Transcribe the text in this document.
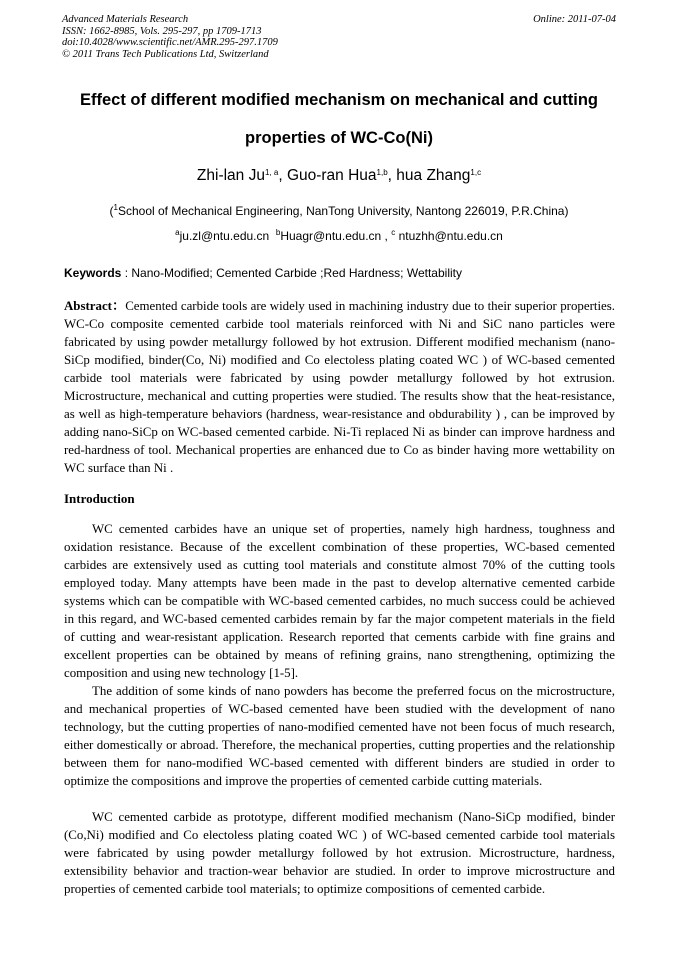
Advanced Materials Research
ISSN: 1662-8985, Vols. 295-297, pp 1709-1713
doi:10.4028/www.scientific.net/AMR.295-297.1709
© 2011 Trans Tech Publications Ltd, Switzerland
Online: 2011-07-04
Effect of different modified mechanism on mechanical and cutting
properties of WC-Co(Ni)
Zhi-lan Ju$^{1, a}$, Guo-ran Hua$^{1,b}$, hua Zhang$^{1,c}$
($^1$School of Mechanical Engineering, NanTong University, Nantong 226019, P.R.China)
$^a$ju.zl@ntu.edu.cn $^b$Huagr@ntu.edu.cn , $^c$ ntuzhh@ntu.edu.cn
Keywords : Nano-Modified; Cemented Carbide ;Red Hardness; Wettability
Abstract：Cemented carbide tools are widely used in machining industry due to their superior properties. WC-Co composite cemented carbide tool materials reinforced with Ni and SiC nano particles were fabricated by using powder metallurgy followed by hot extrusion. Different modified mechanism (nano-SiCp modified, binder(Co, Ni) modified and Co electoless plating coated WC ) of WC-based cemented carbide tool materials were fabricated by using powder metallurgy followed by hot extrusion. Microstructure, mechanical and cutting properties were studied. The results show that the heat-resistance, as well as high-temperature behaviors (hardness, wear-resistance and obdurability ) , can be improved by adding nano-SiCp on WC-based cemented carbide. Ni-Ti replaced Ni as binder can improve hardness and red-hardness of tool. Mechanical properties are enhanced due to Co as binder having more wettability on WC surface than Ni .
Introduction
WC cemented carbides have an unique set of properties, namely high hardness, toughness and oxidation resistance. Because of the excellent combination of these properties, WC-based cemented carbides are extensively used as cutting tool materials and constitute almost 70% of the cutting tools employed today. Many attempts have been made in the past to develop alternative cemented carbide systems which can be compatible with WC-based cemented carbides, no much success could be achieved in this regard, and WC-based cemented carbides remain by far the major competent materials in the field of cutting and wear-resistant application. Research reported that cements carbide with fine grains and excellent properties can be obtained by means of refining grains, nano strengthening, optimizing the composition and using new technology [1-5].
The addition of some kinds of nano powders has become the preferred focus on the microstructure, and mechanical properties of WC-based cemented have been studied with the development of nano technology, but the cutting properties of nano-modified cemented have not been focus of much research, either domestically or abroad. Therefore, the mechanical properties, cutting properties and the relationship between them for nano-modified WC-based cemented with different binders are studied in order to optimize the compositions and improve the properties of cemented carbide cutting materials.
WC cemented carbide as prototype, different modified mechanism (Nano-SiCp modified, binder (Co,Ni) modified and Co electoless plating coated WC ) of WC-based cemented carbide tool materials were fabricated by using powder metallurgy followed by hot extrusion. Microstructure, hardness, extensibility behavior and traction-wear behavior are studied. In order to improve microstructure and properties of cemented carbide tool materials; to optimize compositions of cemented carbide.
